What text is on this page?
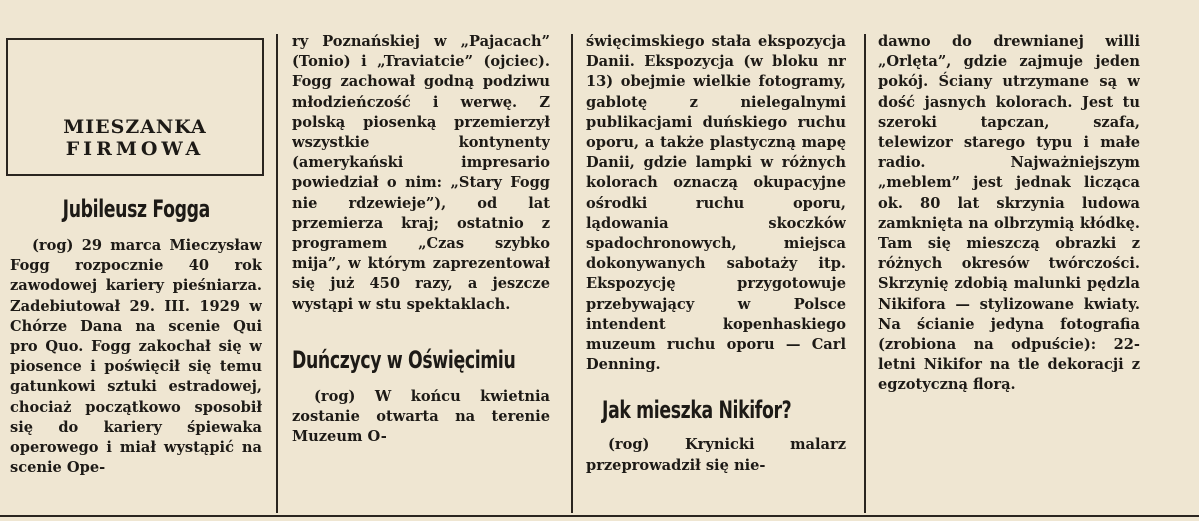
MIESZANKA
FIRMOWA
Jubileusz Fogga

(rog) 29 marca Mieczysław Fogg rozpocznie 40 rok zawodowej kariery pieśniarza. Zadebiutował 29. III. 1929 w Chórze Dana na scenie Qui pro Quo. Fogg zakochał się w piosence i poświęcił się temu gatunkowi sztuki estradowej, chociaż początkowo sposobił się do kariery śpiewaka operowego i miał wystąpić na scenie Ope-

ry Poznańskiej w „Pajacach” (Tonio) i „Traviatcie” (ojciec). Fogg zachował godną podziwu młodzieńczość i werwę. Z polską piosenką przemierzył wszystkie kontynenty (amerykański impresario powiedział o nim: „Stary Fogg nie rdzewieje”), od lat przemierza kraj; ostatnio z programem „Czas szybko mija”, w którym zaprezentował się już 450 razy, a jeszcze wystąpi w stu spektaklach.

Duńczycy w Oświęcimiu

(rog) W końcu kwietnia zostanie otwarta na terenie Muzeum O-

święcimskiego stała ekspozycja Danii. Ekspozycja (w bloku nr 13) obejmie wielkie fotogramy, gablotę z nielegalnymi publikacjami duńskiego ruchu oporu, a także plastyczną mapę Danii, gdzie lampki w różnych kolorach oznaczą okupacyjne ośrodki ruchu oporu, lądowania skoczków spadochronowych, miejsca dokonywanych sabotaży itp. Ekspozycję przygotowuje przebywający w Polsce intendent kopenhaskiego muzeum ruchu oporu — Carl Denning.

Jak mieszka Nikifor?

(rog) Krynicki malarz przeprowadził się nie-

dawno do drewnianej willi „Orlęta”, gdzie zajmuje jeden pokój. Ściany utrzymane są w dość jasnych kolorach. Jest tu szeroki tapczan, szafa, telewizor starego typu i małe radio. Najważniejszym „meblem” jest jednak licząca ok. 80 lat skrzynia ludowa zamknięta na olbrzymią kłódkę. Tam się mieszczą obrazki z różnych okresów twórczości. Skrzynię zdobią malunki pędzla Nikifora — stylizowane kwiaty. Na ścianie jedyna fotografia (zrobiona na odpuście): 22-letni Nikifor na tle dekoracji z egzotyczną florą.
